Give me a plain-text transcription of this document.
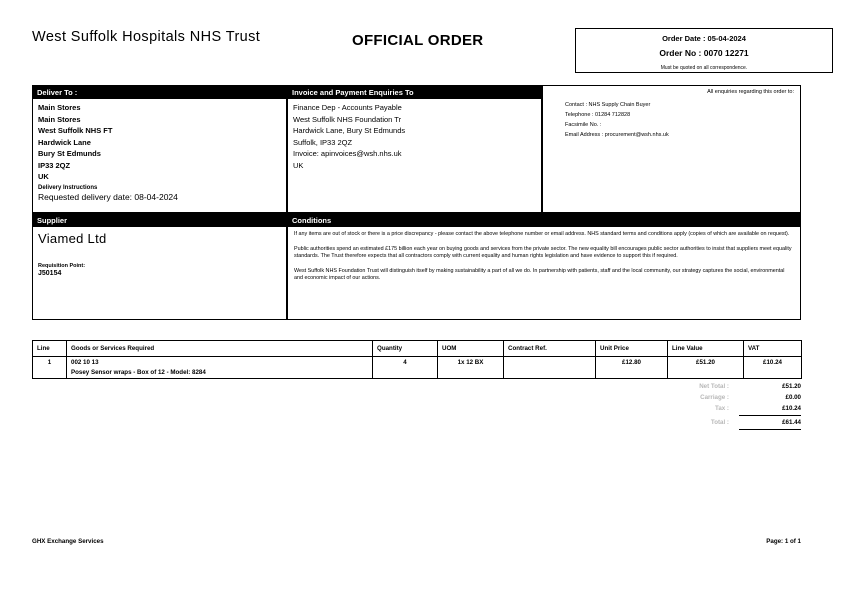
West Suffolk Hospitals NHS Trust	OFFICIAL ORDER	Order Date : 05-04-2024
Order No : 0070 12271
Must be quoted on all correspondence.
Deliver To :
Main Stores
Main Stores
West Suffolk NHS FT
Hardwick Lane
Bury St Edmunds
IP33 2QZ
UK
Delivery Instructions
Requested delivery date: 08-04-2024
Invoice and Payment Enquiries To
Finance Dep - Accounts Payable
West Suffolk NHS Foundation Tr
Hardwick Lane, Bury St Edmunds
Suffolk, IP33 2QZ
Invoice: apinvoices@wsh.nhs.uk
UK
All enquiries regarding this order to:
Contact : NHS Supply Chain Buyer
Telephone : 01284 712828
Facsimile No. :
Email Address : procurement@wsh.nhs.uk
Supplier
Viamed Ltd
Requisition Point:
J50154
Conditions

If any items are out of stock or there is a price discrepancy - please contact the above telephone number or email address. NHS standard terms and conditions apply (copies of which are available on request).

Public authorities spend an estimated £175 billion each year on buying goods and services from the private sector. The new equality bill encourages public sector authorities to insist that suppliers meet equality standards. The Trust therefore expects that all contractors comply with current equality and human rights legislation and have evidence to support this if required.

West Suffolk NHS Foundation Trust will distinguish itself by making sustainability a part of all we do. In partnership with patients, staff and the local community, our strategy captures the social, environmental and economic impact of our actions.

Line	Goods or Services Required	Quantity	UOM	Contract Ref.	Unit Price	Line Value	VAT
1	002 10 13
Posey Sensor wraps - Box of 12 - Model: 8284	4	1x 12 BX		£12.80	£51.20	£10.24
Net Total :	£51.20
Carriage :	£0.00
Tax :	£10.24
Total :	£61.44
GHX Exchange Services	Page: 1 of 1
